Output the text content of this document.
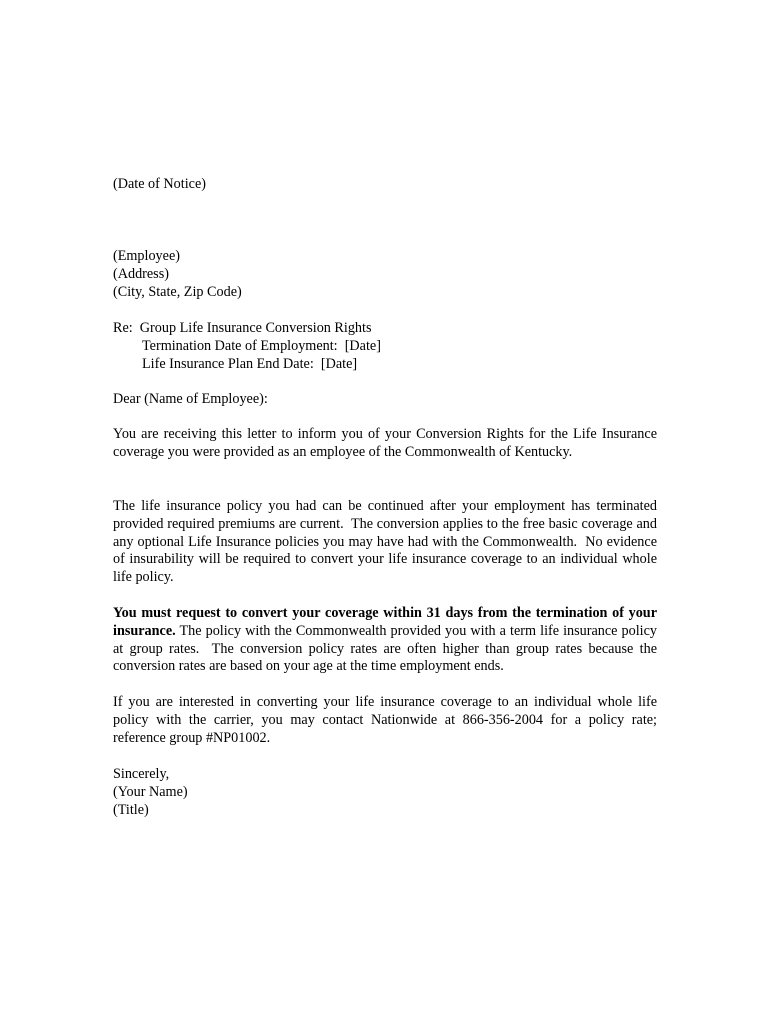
(Date of Notice)
(Employee)
(Address)
(City, State, Zip Code)
Re: Group Life Insurance Conversion Rights
Termination Date of Employment:  [Date]
Life Insurance Plan End Date:  [Date]
Dear (Name of Employee):

You are receiving this letter to inform you of your Conversion Rights for the Life Insurance coverage you were provided as an employee of the Commonwealth of Kentucky.

The life insurance policy you had can be continued after your employment has terminated provided required premiums are current.  The conversion applies to the free basic coverage and any optional Life Insurance policies you may have had with the Commonwealth.  No evidence of insurability will be required to convert your life insurance coverage to an individual whole life policy.

You must request to convert your coverage within 31 days from the termination of your insurance. The policy with the Commonwealth provided you with a term life insurance policy at group rates.  The conversion policy rates are often higher than group rates because the conversion rates are based on your age at the time employment ends.

If you are interested in converting your life insurance coverage to an individual whole life policy with the carrier, you may contact Nationwide at 866-356-2004 for a policy rate; reference group #NP01002.

Sincerely,
(Your Name)
(Title)
